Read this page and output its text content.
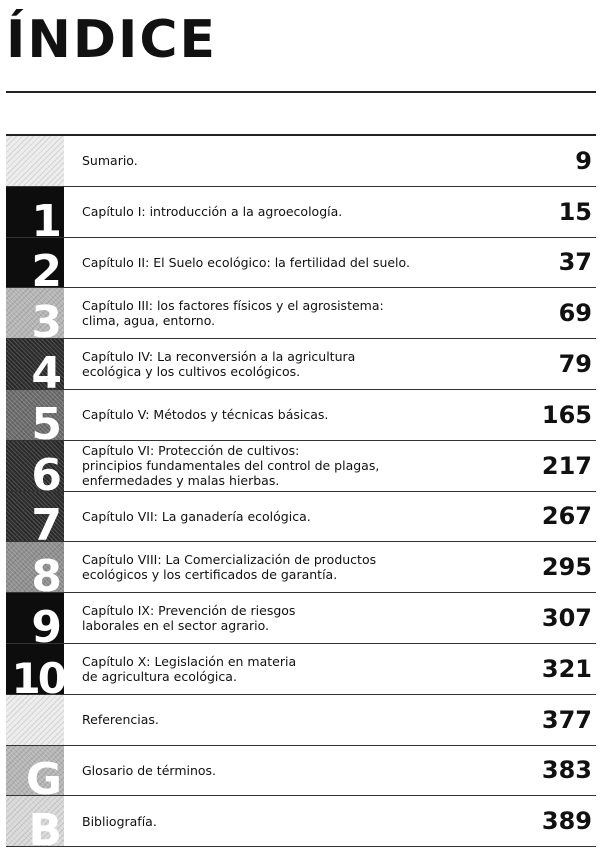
ÍNDICE
Sumario.	9
1 Capítulo I: introducción a la agroecología.	15
2 Capítulo II: El Suelo ecológico: la fertilidad del suelo.	37
3 Capítulo III: los factores físicos y el agrosistema:
clima, agua, entorno.	69
4 Capítulo IV: La reconversión a la agricultura
ecológica y los cultivos ecológicos.	79
5 Capítulo V: Métodos y técnicas básicas.	165
6 Capítulo VI: Protección de cultivos:
principios fundamentales del control de plagas,
enfermedades y malas hierbas.
217
7 Capítulo VII: La ganadería ecológica.	267
8 Capítulo VIII: La Comercialización de productos
ecológicos y los certificados de garantía.	295
9 Capítulo IX: Prevención de riesgos
laborales en el sector agrario.	307
10 Capítulo X: Legislación en materia
de agricultura ecológica.	321
Referencias.	377
G Glosario de términos.	383
B Bibliografía.	389
